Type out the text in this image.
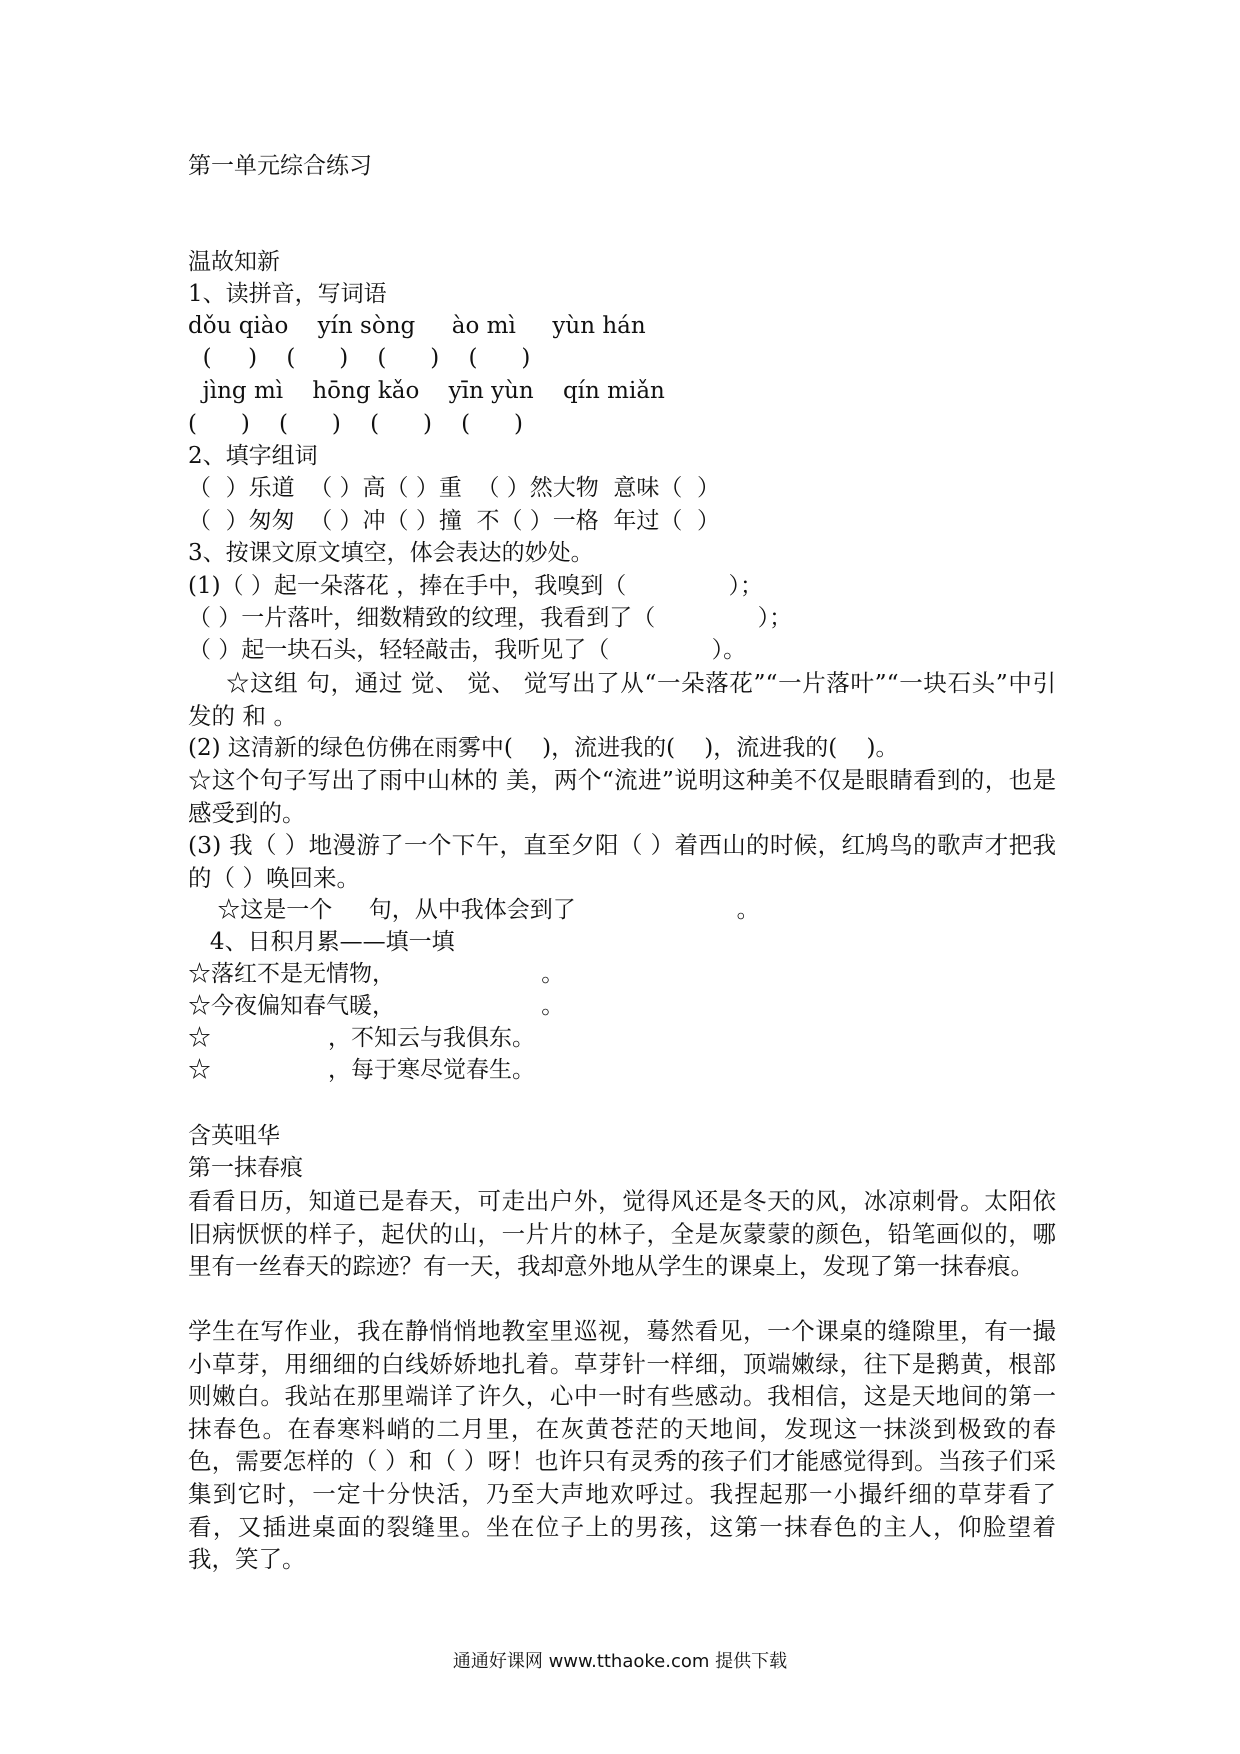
第一单元综合练习
温故知新
1、读拼音，写词语
dǒu qiào    yín sòng     ào mì     yùn hán
(     )    (      )    (      )    (      )
jìng mì    hōng kǎo    yīn yùn    qín miǎn
(      )    (      )    (      )    (      )
2、填字组词
（  ）乐道  （ ）高（ ）重  （ ）然大物  意味（  ）
（  ）匆匆  （ ）冲（ ）撞  不（ ）一格  年过（  ）
3、按课文原文填空，体会表达的妙处。
(1)（ ）起一朵落花 ，捧在手中，我嗅到（              ）；
（ ）一片落叶，细数精致的纹理，我看到了（              ）；
（ ）起一块石头，轻轻敲击，我听见了（              ）。
☆这组 句，通过 觉、 觉、 觉写出了从“一朵落花”“一片落叶”“一块石头”中引发的 和 。
(2) 这清新的绿色仿佛在雨雾中(    )，流进我的(    )，流进我的(    )。
☆这个句子写出了雨中山林的 美，两个“流进”说明这种美不仅是眼睛看到的，也是 感受到的。
(3) 我（ ）地漫游了一个下午，直至夕阳（ ）着西山的时候，红鸠鸟的歌声才把我的（ ）唤回来。
☆这是一个     句，从中我体会到了                      。
4、日积月累——填一填
☆落红不是无情物，                    。
☆今夜偏知春气暖，                    。
☆                ，不知云与我俱东。
☆                ，每于寒尽觉春生。
含英咀华
第一抹春痕
看看日历，知道已是春天，可走出户外，觉得风还是冬天的风，冰凉刺骨。太阳依旧病恹恹的样子，起伏的山，一片片的林子，全是灰蒙蒙的颜色，铅笔画似的，哪里有一丝春天的踪迹？有一天，我却意外地从学生的课桌上，发现了第一抹春痕。
学生在写作业，我在静悄悄地教室里巡视，蓦然看见，一个课桌的缝隙里，有一撮小草芽，用细细的白线娇娇地扎着。草芽针一样细，顶端嫩绿，往下是鹅黄，根部则嫩白。我站在那里端详了许久，心中一时有些感动。我相信，这是天地间的第一抹春色。在春寒料峭的二月里，在灰黄苍茫的天地间，发现这一抹淡到极致的春色，需要怎样的（ ）和（ ）呀！也许只有灵秀的孩子们才能感觉得到。当孩子们采集到它时，一定十分快活，乃至大声地欢呼过。我捏起那一小撮纤细的草芽看了看，又插进桌面的裂缝里。坐在位子上的男孩，这第一抹春色的主人，仰脸望着我，笑了。
通通好课网 www.tthaoke.com 提供下载
